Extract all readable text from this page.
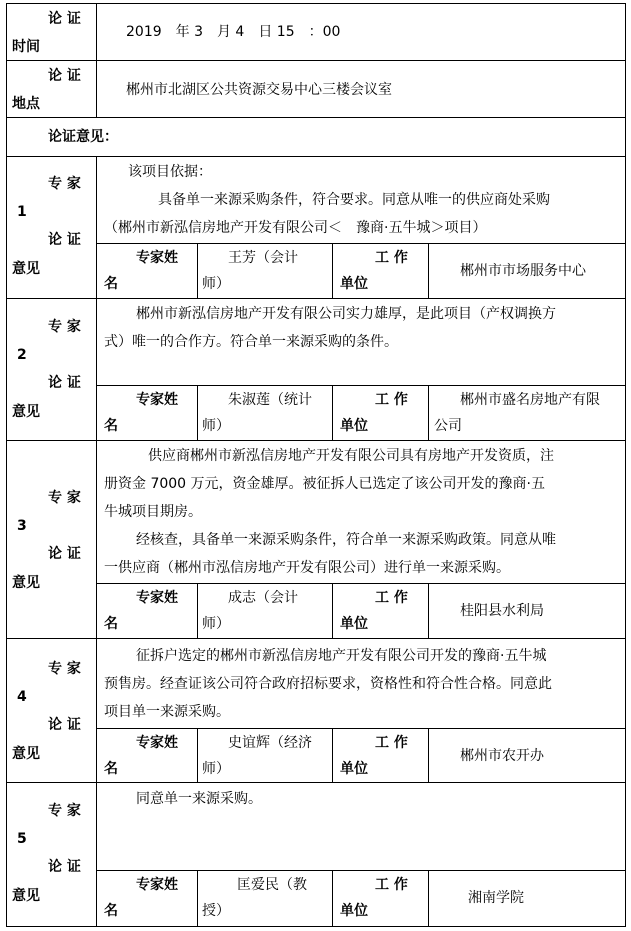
论 证
时间
2019　年 3　月 4　日 15　：00
论 证
地点
郴州市北湖区公共资源交易中心三楼会议室
论证意见：
专 家
1
论 证
意见
该项目依据：
具备单一来源采购条件，符合要求。同意从唯一的供应商处采购
（郴州市新泓信房地产开发有限公司＜　豫商·五牛城＞项目）
专家姓
名
王芳（会计
师）
工 作
单位
郴州市市场服务中心
专 家
2
论 证
意见
郴州市新泓信房地产开发有限公司实力雄厚，是此项目（产权调换方
式）唯一的合作方。符合单一来源采购的条件。
专家姓
名
朱淑莲（统计
师）
工 作
单位
郴州市盛名房地产有限
公司
专 家
3
论 证
意见
供应商郴州市新泓信房地产开发有限公司具有房地产开发资质，注
册资金 7000 万元，资金雄厚。被征拆人已选定了该公司开发的豫商·五
牛城项目期房。
经核查，具备单一来源采购条件，符合单一来源采购政策。同意从唯
一供应商（郴州市泓信房地产开发有限公司）进行单一来源采购。
专家姓
名
成志（会计
师）
工 作
单位
桂阳县水利局
专 家
4
论 证
意见
征拆户选定的郴州市新泓信房地产开发有限公司开发的豫商·五牛城
预售房。经查证该公司符合政府招标要求，资格性和符合性合格。同意此
项目单一来源采购。
专家姓
名
史谊辉（经济
师）
工 作
单位
郴州市农开办
专 家
5
论 证
意见
同意单一来源采购。
专家姓
名
匡爱民（教
授）
工 作
单位
湘南学院
